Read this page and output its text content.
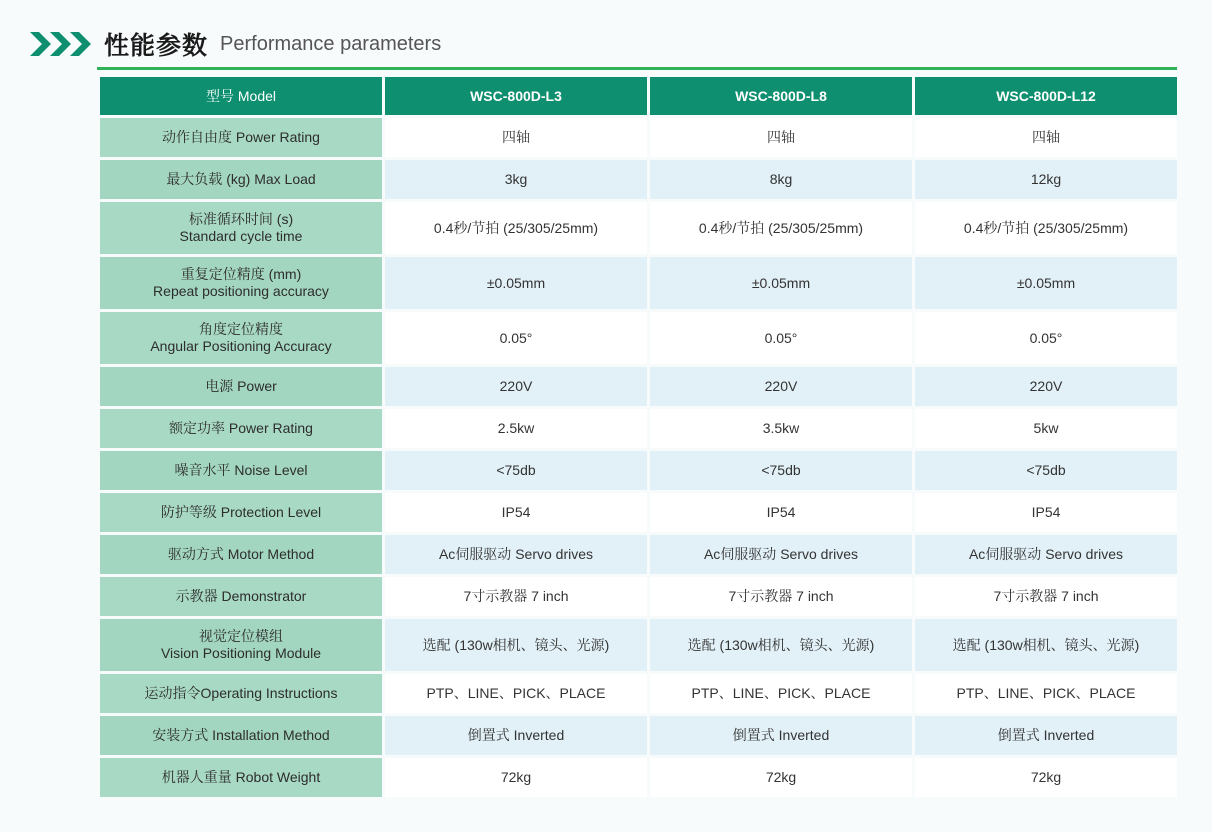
性能参数 Performance parameters
型号 Model	WSC-800D-L3	WSC-800D-L8	WSC-800D-L12
动作自由度 Power Rating	四轴	四轴	四轴
最大负载 (kg) Max Load	3kg	8kg	12kg

标准循环时间 (s)
Standard cycle time	0.4秒/节拍 (25/305/25mm)	0.4秒/节拍 (25/305/25mm)	0.4秒/节拍 (25/305/25mm)

重复定位精度 (mm)
Repeat positioning accuracy	±0.05mm	±0.05mm	±0.05mm

角度定位精度
Angular Positioning Accuracy	0.05°	0.05°	0.05°
电源 Power	220V	220V	220V
额定功率 Power Rating	2.5kw	3.5kw	5kw
噪音水平 Noise Level	<75db	<75db	<75db
防护等级 Protection Level	IP54	IP54	IP54
驱动方式 Motor Method	Ac伺服驱动 Servo drives	Ac伺服驱动 Servo drives	Ac伺服驱动 Servo drives
示教器 Demonstrator	7寸示教器 7 inch	7寸示教器 7 inch	7寸示教器 7 inch

视觉定位模组
Vision Positioning Module	选配 (130w相机、镜头、光源)	选配 (130w相机、镜头、光源)	选配 (130w相机、镜头、光源)
运动指令Operating Instructions	PTP、LINE、PICK、PLACE	PTP、LINE、PICK、PLACE	PTP、LINE、PICK、PLACE
安装方式 Installation Method	倒置式 Inverted	倒置式 Inverted	倒置式 Inverted
机器人重量 Robot Weight	72kg	72kg	72kg
